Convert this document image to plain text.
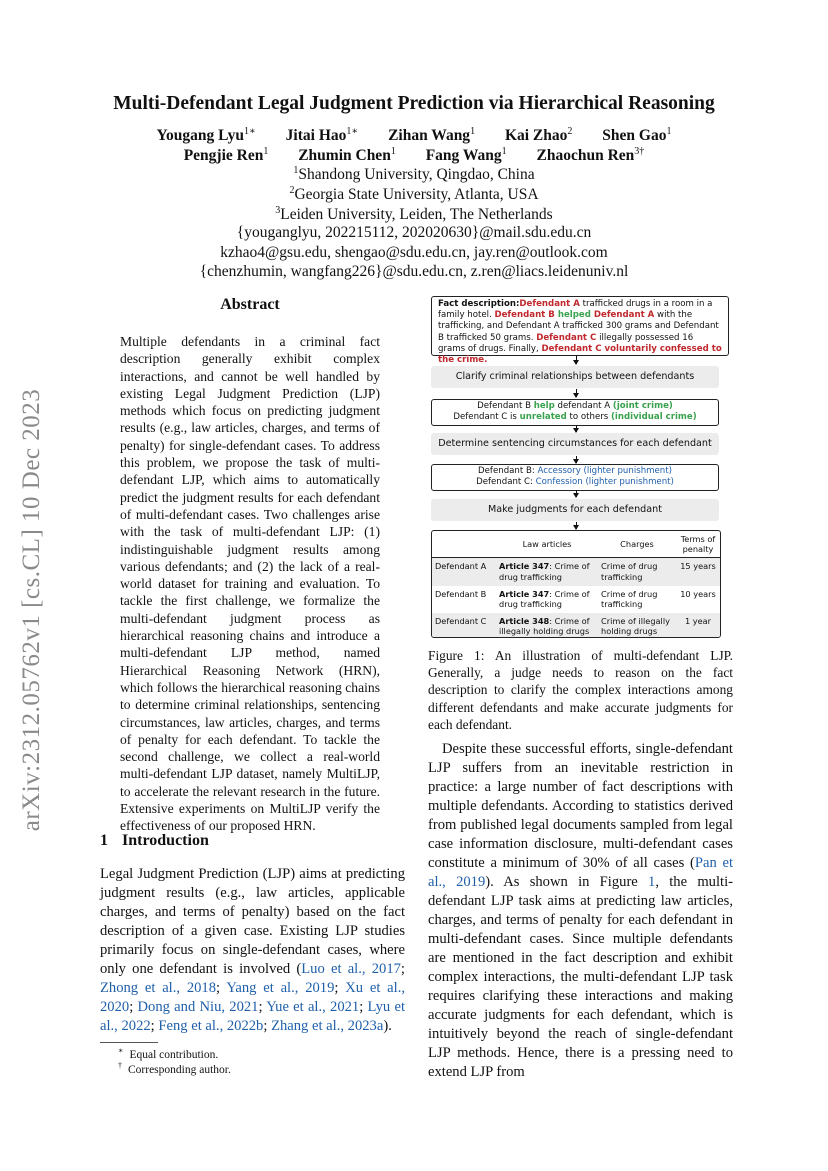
arXiv:2312.05762v1 [cs.CL] 10 Dec 2023
Multi-Defendant Legal Judgment Prediction via Hierarchical Reasoning
Yougang Lyu$^{1∗}$ Jitai Hao$^{1∗}$ Zihan Wang$^1$ Kai Zhao$^2$ Shen Gao$^1$
Pengjie Ren$^1$ Zhumin Chen$^1$ Fang Wang$^1$ Zhaochun Ren$^{3\dagger}$
$^1$Shandong University, Qingdao, China
$^2$Georgia State University, Atlanta, USA
$^3$Leiden University, Leiden, The Netherlands
{youganglyu, 202215112, 202020630}@mail.sdu.edu.cn
kzhao4@gsu.edu, shengao@sdu.edu.cn, jay.ren@outlook.com
{chenzhumin, wangfang226}@sdu.edu.cn, z.ren@liacs.leidenuniv.nl
Abstract
Multiple defendants in a criminal fact description generally exhibit complex interactions, and cannot be well handled by existing Legal Judgment Prediction (LJP) methods which focus on predicting judgment results (e.g., law articles, charges, and terms of penalty) for single-defendant cases. To address this problem, we propose the task of multi-defendant LJP, which aims to automatically predict the judgment results for each defendant of multi-defendant cases. Two challenges arise with the task of multi-defendant LJP: (1) indistinguishable judgment results among various defendants; and (2) the lack of a real-world dataset for training and evaluation. To tackle the first challenge, we formalize the multi-defendant judgment process as hierarchical reasoning chains and introduce a multi-defendant LJP method, named Hierarchical Reasoning Network (HRN), which follows the hierarchical reasoning chains to determine criminal relationships, sentencing circumstances, law articles, charges, and terms of penalty for each defendant. To tackle the second challenge, we collect a real-world multi-defendant LJP dataset, namely MultiLJP, to accelerate the relevant research in the future. Extensive experiments on MultiLJP verify the effectiveness of our proposed HRN.
1 Introduction
Legal Judgment Prediction (LJP) aims at predicting judgment results (e.g., law articles, applicable charges, and terms of penalty) based on the fact description of a given case. Existing LJP studies primarily focus on single-defendant cases, where only one defendant is involved (Luo et al., 2017; Zhong et al., 2018; Yang et al., 2019; Xu et al., 2020; Dong and Niu, 2021; Yue et al., 2021; Lyu et al., 2022; Feng et al., 2022b; Zhang et al., 2023a).
∗ Equal contribution.
† Corresponding author.
Fact description:Defendant A trafficked drugs in a room in a family hotel. Defendant B helped Defendant A with the trafficking, and Defendant A trafficked 300 grams and Defendant B trafficked 50 grams. Defendant C illegally possessed 16 grams of drugs. Finally, Defendant C voluntarily confessed to the crime.
Clarify criminal relationships between defendants
Defendant B help defendant A (joint crime)
Defendant C is unrelated to others (individual crime)
Determine sentencing circumstances for each defendant
Defendant B: Accessory (lighter punishment)
Defendant C: Confession (lighter punishment)
Make judgments for each defendant
	Law articles	Charges	Terms of penalty
Defendant A	Article 347: Crime of drug trafficking	Crime of drug trafficking	15 years
Defendant B	Article 347: Crime of drug trafficking	Crime of drug trafficking	10 years
Defendant C	Article 348: Crime of illegally holding drugs	Crime of illegally holding drugs	1 year
Figure 1: An illustration of multi-defendant LJP. Generally, a judge needs to reason on the fact description to clarify the complex interactions among different defendants and make accurate judgments for each defendant.
Despite these successful efforts, single-defendant LJP suffers from an inevitable restriction in practice: a large number of fact descriptions with multiple defendants. According to statistics derived from published legal documents sampled from legal case information disclosure, multi-defendant cases constitute a minimum of 30% of all cases (Pan et al., 2019). As shown in Figure 1, the multi-defendant LJP task aims at predicting law articles, charges, and terms of penalty for each defendant in multi-defendant cases. Since multiple defendants are mentioned in the fact description and exhibit complex interactions, the multi-defendant LJP task requires clarifying these interactions and making accurate judgments for each defendant, which is intuitively beyond the reach of single-defendant LJP methods. Hence, there is a pressing need to extend LJP from
